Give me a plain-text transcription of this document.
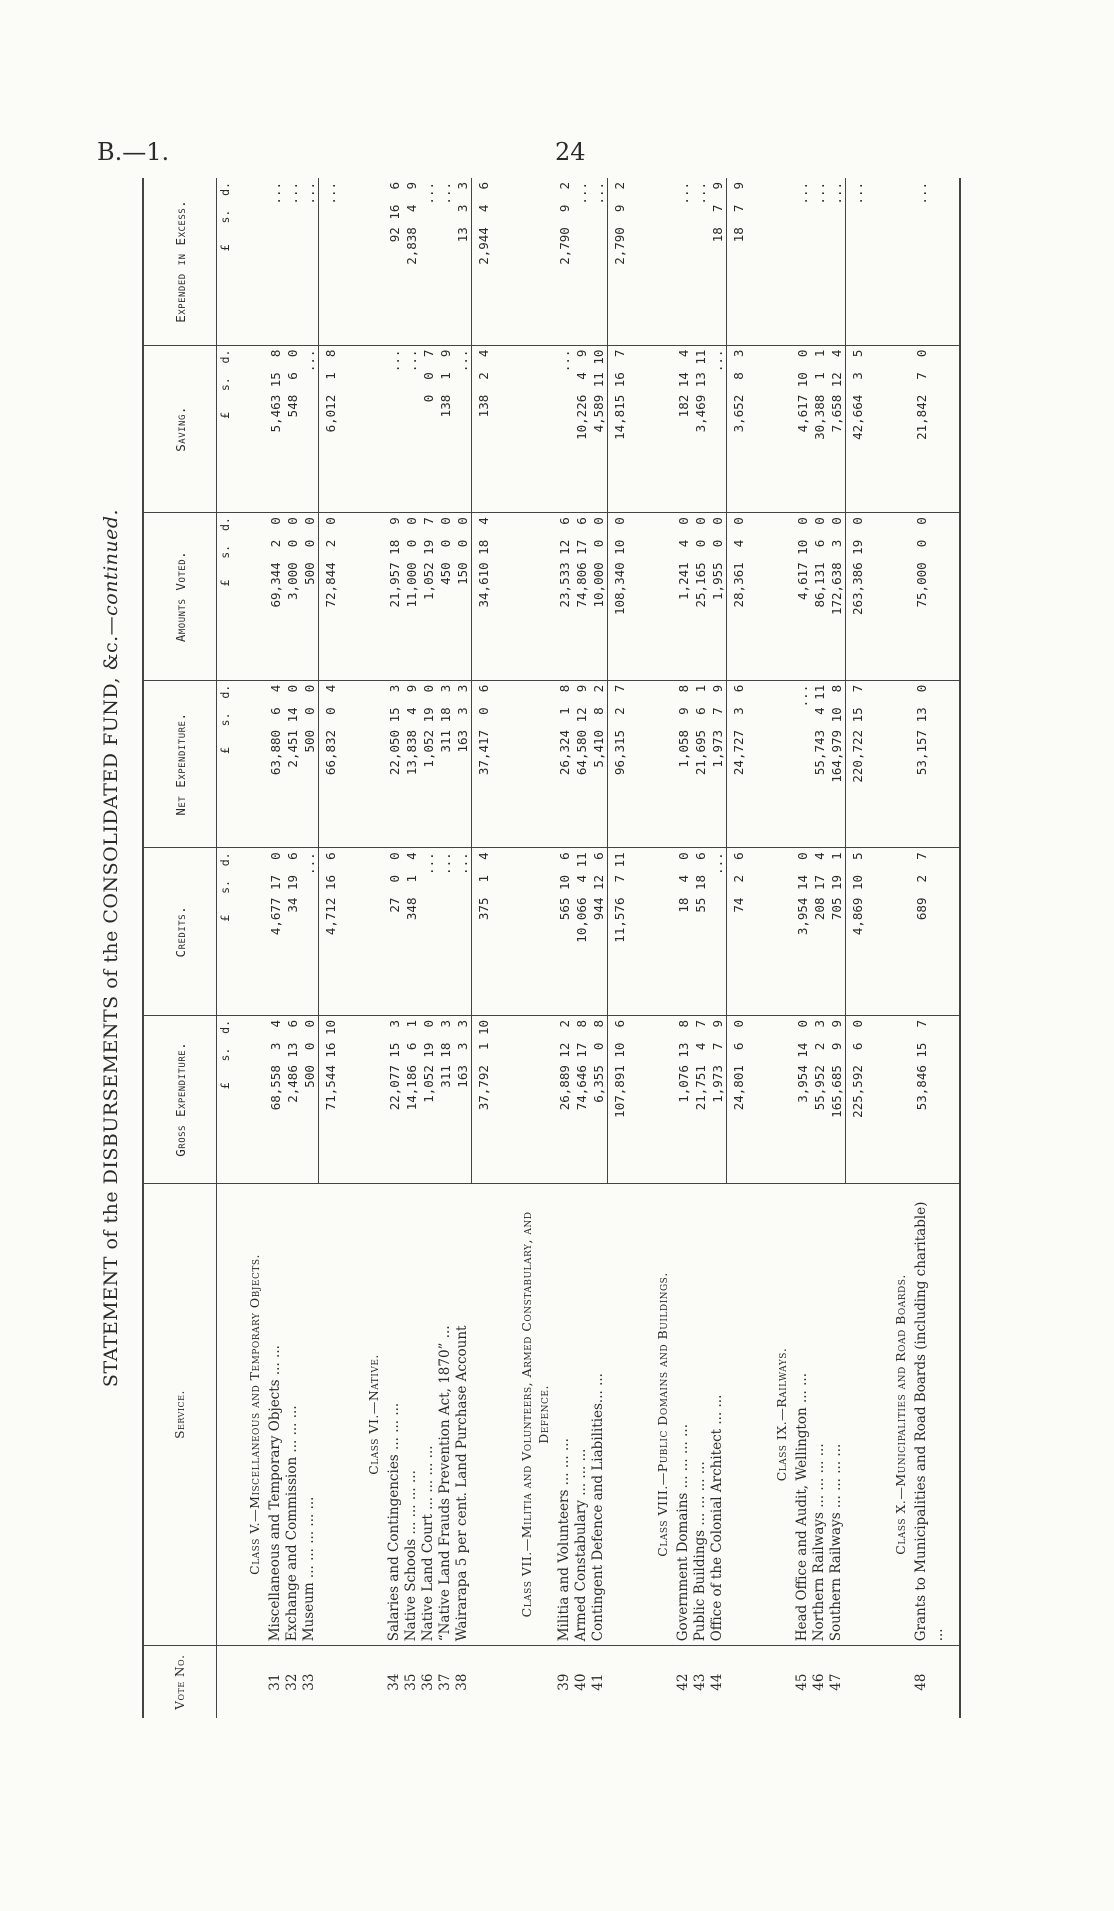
B.—1.	24
STATEMENT of the DISBURSEMENTS of the CONSOLIDATED FUND, &c.—continued.
Vote No.	Service.	Gross Expenditure.	Credits.	Net Expenditure.	Amounts Voted.	Saving.	Expended in Excess.
		£   s.  d.	£   s.  d.	£   s.  d.	£   s.  d.	£   s.  d.	£   s.  d.
	Class V.—Miscellaneous and Temporary Objects.						
31	Miscellaneous and Temporary Objects ... ...	68,558  3  4	4,677 17  0	63,880  6  4	69,344  2  0	5,463 15  8	...
32	Exchange and Commission ... ... ...	2,486 13  6	34 19  6	2,451 14  0	3,000  0  0	548  6  0	...
33	Museum ... ... ... ... ...	500  0  0	...	500  0  0	500  0  0	...	...
		71,544 16 10	4,712 16  6	66,832  0  4	72,844  2  0	6,012  1  8	...
	Class VI.—Native.						
34	Salaries and Contingencies ... ... ...	22,077 15  3	27  0  0	22,050 15  3	21,957 18  9	...	92 16  6
35	Native Schools ... ... ... ...	14,186  6  1	348  1  4	13,838  4  9	11,000  0  0	...	2,838  4  9
36	Native Land Court ... ... ... ...	1,052 19  0	...	1,052 19  0	1,052 19  7	0  0  7	...
37	“Native Land Frauds Prevention Act, 1870” ...	311 18  3	...	311 18  3	450  0  0	138  1  9	...
38	Wairarapa 5 per cent. Land Purchase Account	163  3  3	...	163  3  3	150  0  0	...	13  3  3
		37,792  1 10	375  1  4	37,417  0  6	34,610 18  4	138  2  4	2,944  4  6
	Class VII.—Militia and Volunteers, Armed Constabulary, and Defence.						
39	Militia and Volunteers ... ... ...	26,889 12  2	565 10  6	26,324  1  8	23,533 12  6	...	2,790  9  2
40	Armed Constabulary ... ... ...	74,646 17  8	10,066  4 11	64,580 12  9	74,806 17  6	10,226  4  9	...
41	Contingent Defence and Liabilities... ...	6,355  0  8	944 12  6	5,410  8  2	10,000  0  0	4,589 11 10	...
		107,891 10  6	11,576  7 11	96,315  2  7	108,340 10  0	14,815 16  7	2,790  9  2
	Class VIII.—Public Domains and Buildings.						
42	Government Domains ... ... ... ...	1,076 13  8	18  4  0	1,058  9  8	1,241  4  0	182 14  4	...
43	Public Buildings ... ... ... ...	21,751  4  7	55 18  6	21,695  6  1	25,165  0  0	3,469 13 11	...
44	Office of the Colonial Architect ... ...	1,973  7  9	...	1,973  7  9	1,955  0  0	...	18  7  9
		24,801  6  0	74  2  6	24,727  3  6	28,361  4  0	3,652  8  3	18  7  9
	Class IX.—Railways.						
45	Head Office and Audit, Wellington ... ...	3,954 14  0	3,954 14  0	...	4,617 10  0	4,617 10  0	...
46	Northern Railways ... ... ... ...	55,952  2  3	208 17  4	55,743  4 11	86,131  6  0	30,388  1  1	...
47	Southern Railways ... ... ... ...	165,685  9  9	705 19  1	164,979 10  8	172,638  3  0	7,658 12  4	...
		225,592  6  0	4,869 10  5	220,722 15  7	263,386 19  0	42,664  3  5	...
	Class X.—Municipalities and Road Boards.						
48	Grants to Municipalities and Road Boards (including charitable) ...	53,846 15  7	689  2  7	53,157 13  0	75,000  0  0	21,842  7  0	...
